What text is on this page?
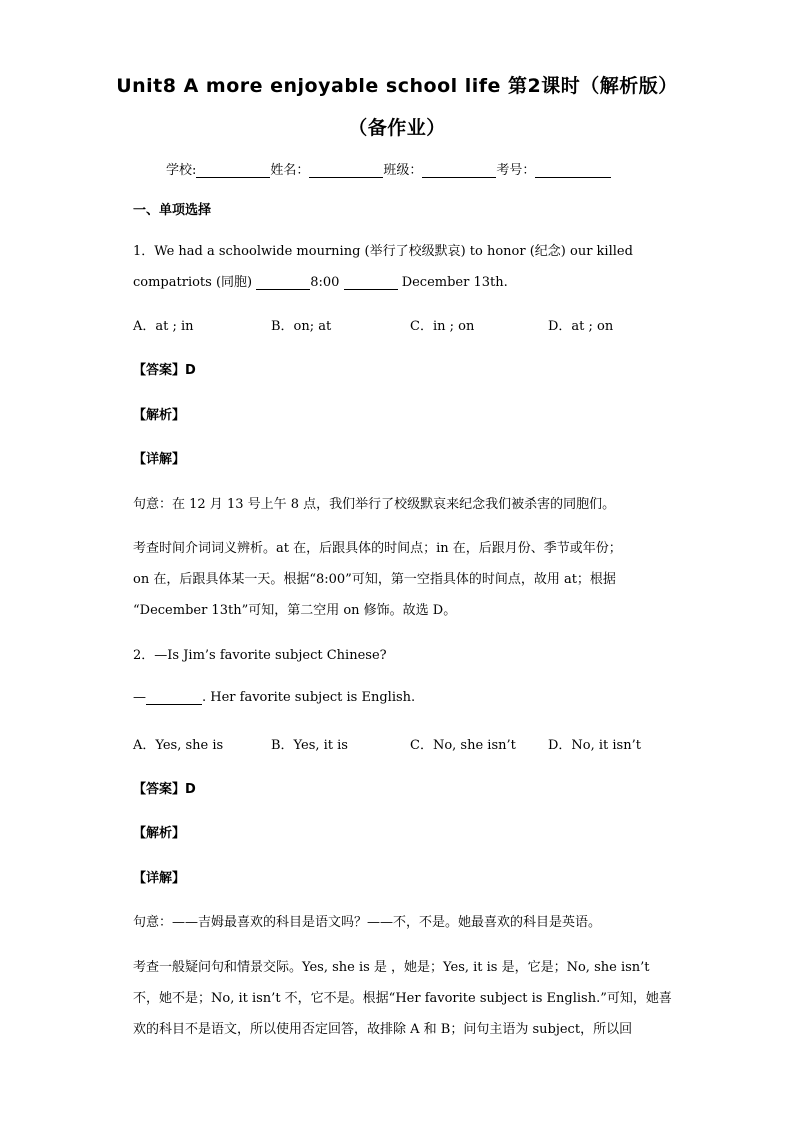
Unit8 A more enjoyable school life 第2课时（解析版）
（备作业）
学校:	姓名：	班级：	考号：
一、单项选择
1．We had a schoolwide mourning (举行了校级默哀) to honor (纪念) our killed
compatriots (同胞)	8:00	December 13th.
A．at ; in	B．on; at	C．in ; on	D．at ; on
【答案】D
【解析】
【详解】
句意：在 12 月 13 号上午 8 点，我们举行了校级默哀来纪念我们被杀害的同胞们。
考查时间介词词义辨析。at 在，后跟具体的时间点；in 在，后跟月份、季节或年份；
on 在，后跟具体某一天。根据“8:00”可知，第一空指具体的时间点，故用 at；根据
“December 13th”可知，第二空用 on 修饰。故选 D。
2．—Is Jim’s favorite subject Chinese?
—	. Her favorite subject is English.
A．Yes, she is	B．Yes, it is	C．No, she isn’t D．No, it isn’t
【答案】D
【解析】
【详解】
句意：——吉姆最喜欢的科目是语文吗？——不，不是。她最喜欢的科目是英语。
考查一般疑问句和情景交际。Yes, she is 是 ，她是；Yes, it is 是，它是；No, she isn’t
不，她不是；No, it isn’t 不，它不是。根据“Her favorite subject is English.”可知，她喜
欢的科目不是语文，所以使用否定回答，故排除 A 和 B；问句主语为 subject，所以回
